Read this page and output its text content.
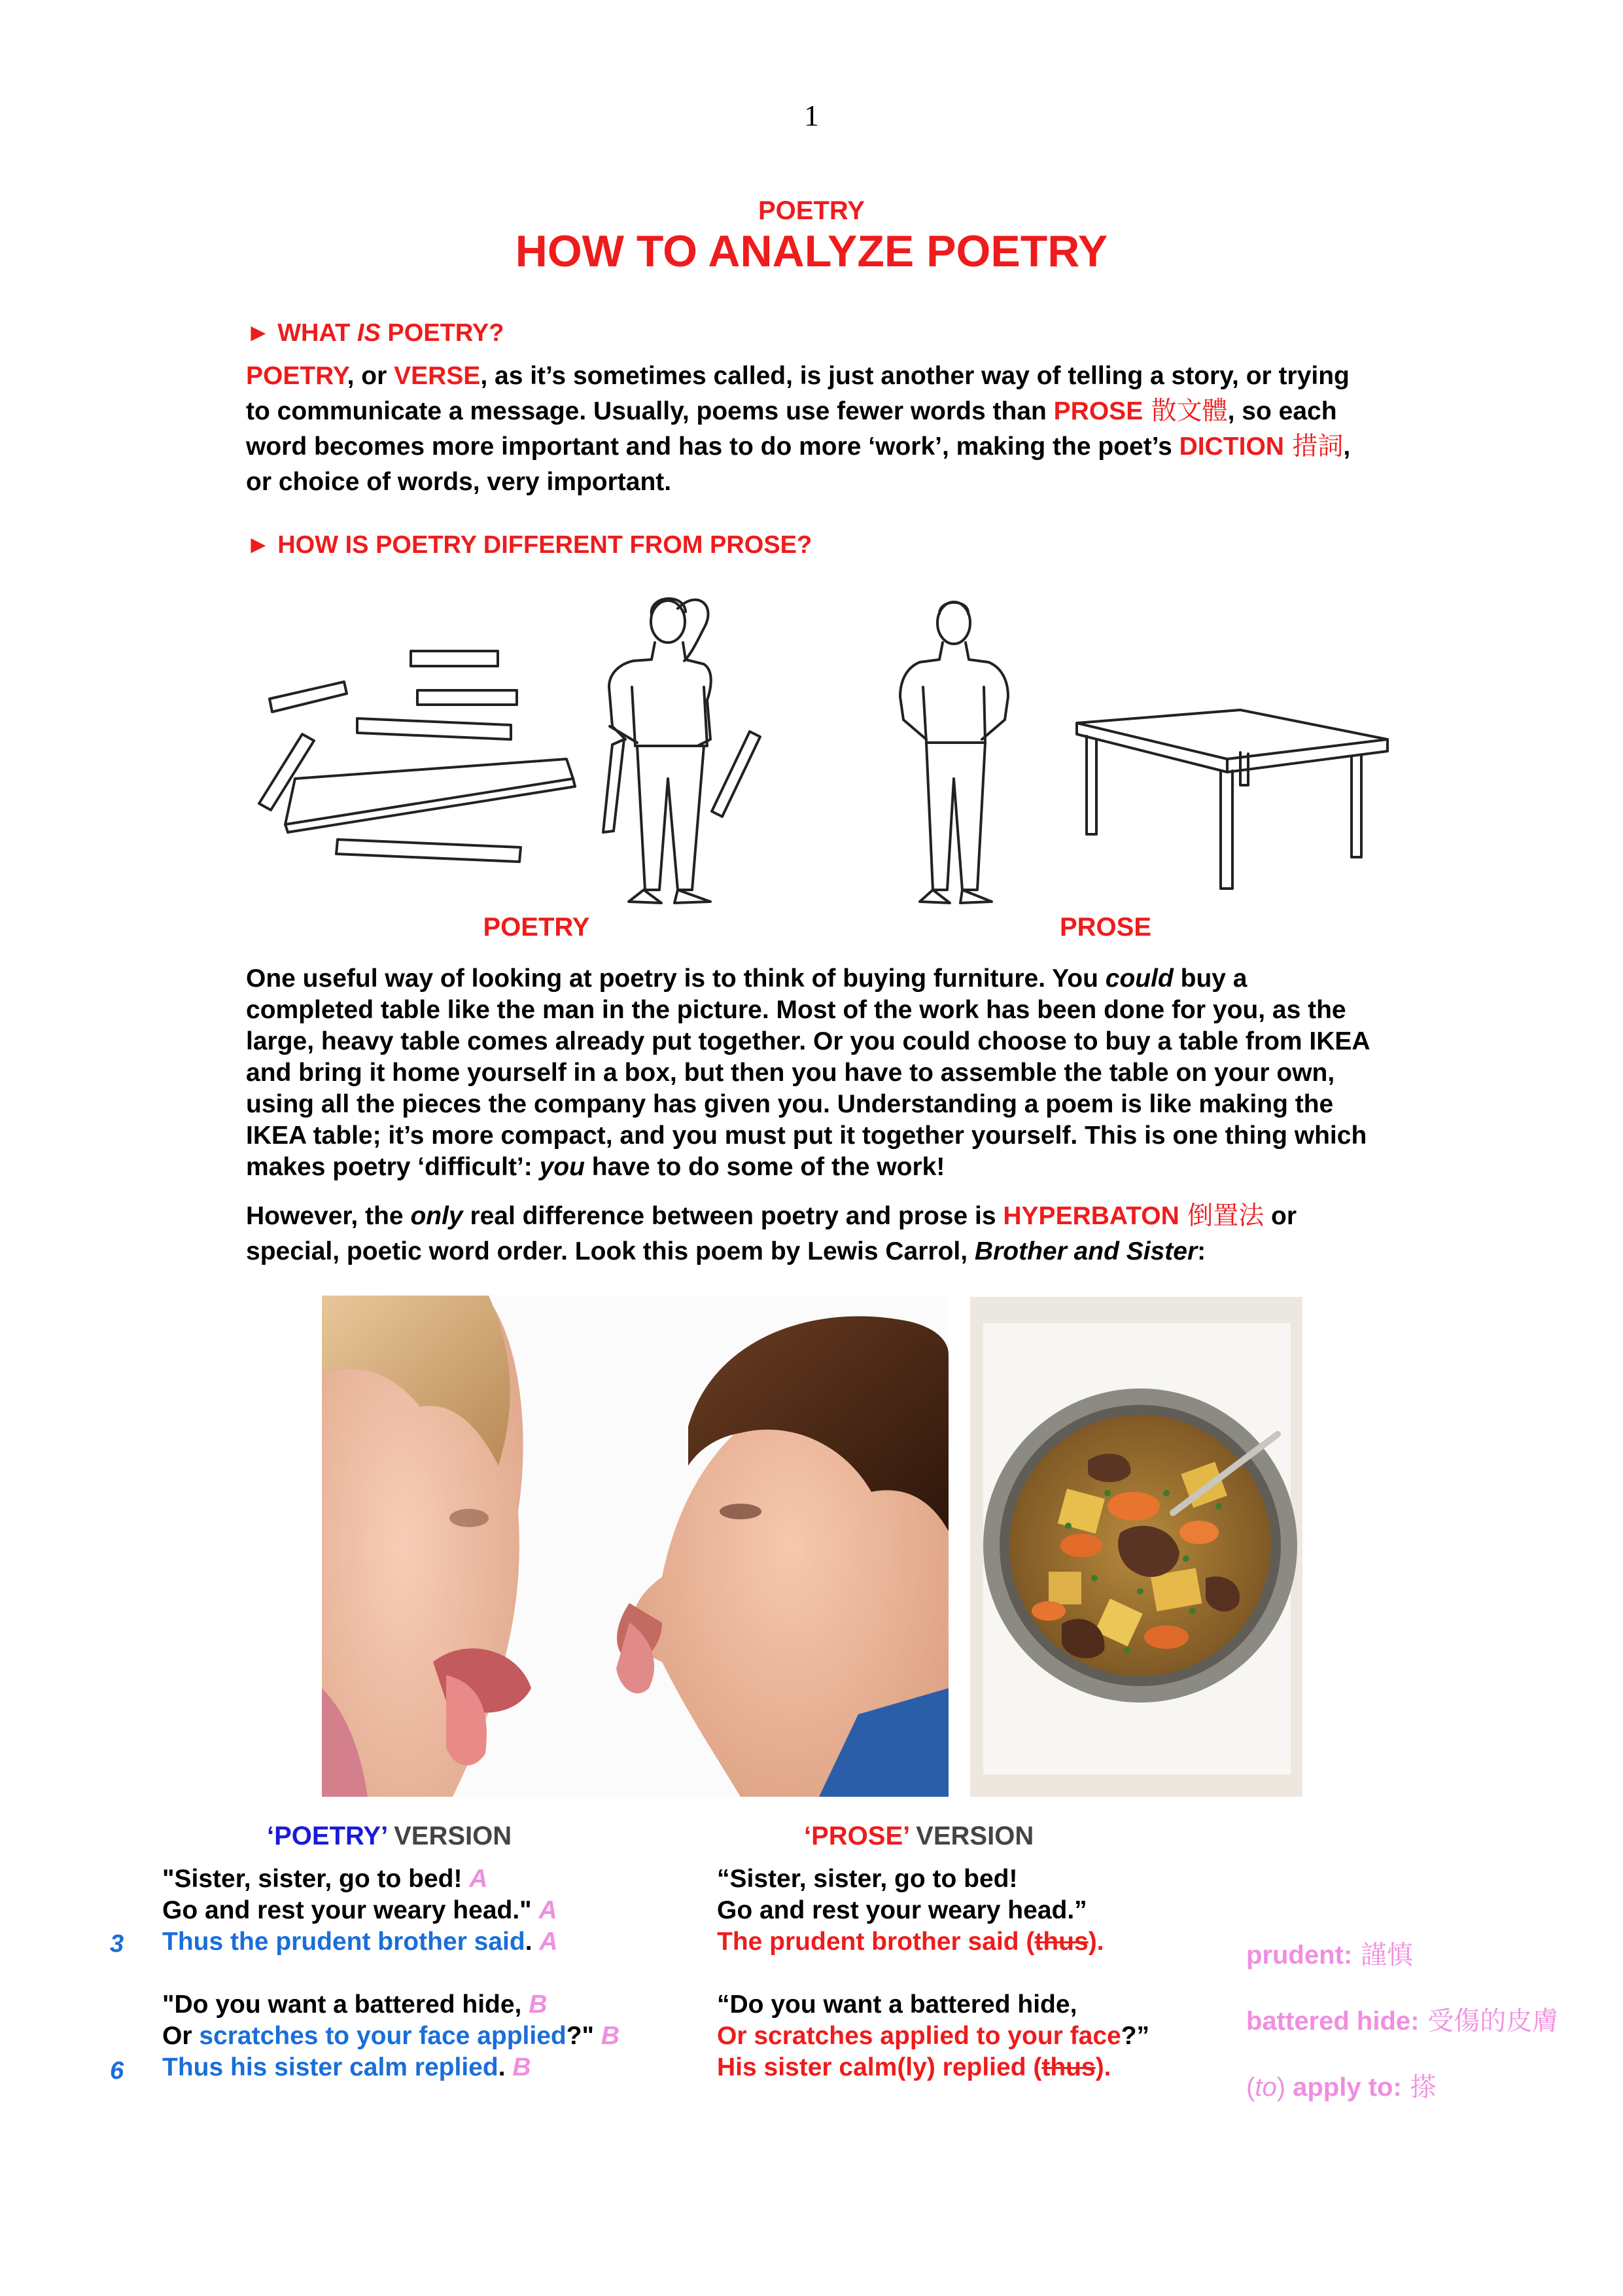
1
POETRY
HOW TO ANALYZE POETRY
► WHAT IS POETRY?
POETRY, or VERSE, as it’s sometimes called, is just another way of telling a story, or trying to communicate a message. Usually, poems use fewer words than PROSE 散文體, so each word becomes more important and has to do more ‘work’, making the poet’s DICTION 措詞, or choice of words, very important.
► HOW IS POETRY DIFFERENT FROM PROSE?
POETRY	PROSE
One useful way of looking at poetry is to think of buying furniture. You could buy a completed table like the man in the picture. Most of the work has been done for you, as the large, heavy table comes already put together. Or you could choose to buy a table from IKEA and bring it home yourself in a box, but then you have to assemble the table on your own, using all the pieces the company has given you. Understanding a poem is like making the IKEA table; it’s more compact, and you must put it together yourself. This is one thing which makes poetry ‘difficult’: you have to do some of the work!
However, the only real difference between poetry and prose is HYPERBATON 倒置法 or special, poetic word order. Look this poem by Lewis Carrol, Brother and Sister:
‘POETRY’ VERSION	‘PROSE’ VERSION
"Sister, sister, go to bed! A
Go and rest your weary head." A
Thus the prudent brother said. A
"Do you want a battered hide, B
Or scratches to your face applied?" B
Thus his sister calm replied. B
3
6
“Sister, sister, go to bed!
Go and rest your weary head.”
The prudent brother said (thus).
“Do you want a battered hide,
Or scratches applied to your face?”
His sister calm(ly) replied (thus).
prudent: 謹慎
battered hide: 受傷的皮膚
(to) apply to: 搽
